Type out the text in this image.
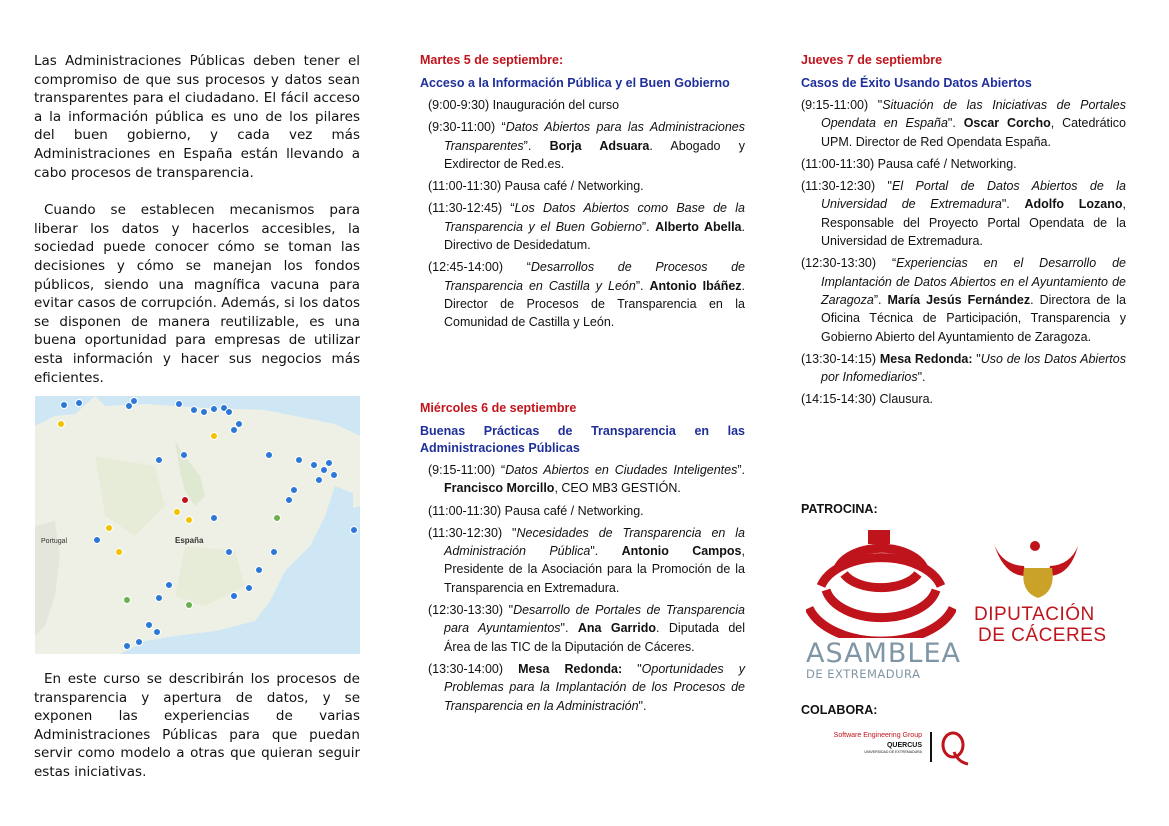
Las Administraciones Públicas deben tener el compromiso de que sus procesos y datos sean transparentes para el ciudadano. El fácil acceso a la información pública es uno de los pilares del buen gobierno, y cada vez más Administraciones en España están llevando a cabo procesos de transparencia.

Cuando se establecen mecanismos para liberar los datos y hacerlos accesibles, la sociedad puede conocer cómo se toman las decisiones y cómo se manejan los fondos públicos, siendo una magnífica vacuna para evitar casos de corrupción. Además, si los datos se disponen de manera reutilizable, es una buena oportunidad para empresas de utilizar esta información y hacer sus negocios más eficientes.

Portugal	España

En este curso se describirán los procesos de transparencia y apertura de datos, y se exponen las experiencias de varias Administraciones Públicas para que puedan servir como modelo a otras que quieran seguir estas iniciativas.

Martes 5 de septiembre:

Acceso a la Información Pública y el Buen Gobierno

(9:00-9:30) Inauguración del curso

(9:30-11:00) “Datos Abiertos para las Administraciones Transparentes”. Borja Adsuara. Abogado y Exdirector de Red.es.

(11:00-11:30) Pausa café / Networking.

(11:30-12:45) “Los Datos Abiertos como Base de la Transparencia y el Buen Gobierno”. Alberto Abella. Directivo de Desidedatum.

(12:45-14:00) “Desarrollos de Procesos de Transparencia en Castilla y León”. Antonio Ibáñez. Director de Procesos de Transparencia en la Comunidad de Castilla y León.

Miércoles 6 de septiembre

Buenas Prácticas de Transparencia en las Administraciones Públicas

(9:15-11:00) “Datos Abiertos en Ciudades Inteligentes”. Francisco Morcillo, CEO MB3 GESTIÓN.

(11:00-11:30) Pausa café / Networking.

(11:30-12:30) "Necesidades de Transparencia en la Administración Pública". Antonio Campos, Presidente de la Asociación para la Promoción de la Transparencia en Extremadura.

(12:30-13:30) "Desarrollo de Portales de Transparencia para Ayuntamientos". Ana Garrido. Diputada del Área de las TIC de la Diputación de Cáceres.

(13:30-14:00) Mesa Redonda: "Oportunidades y Problemas para la Implantación de los Procesos de Transparencia en la Administración".

Jueves 7 de septiembre

Casos de Éxito Usando Datos Abiertos

(9:15-11:00) "Situación de las Iniciativas de Portales Opendata en España". Oscar Corcho, Catedrático UPM. Director de Red Opendata España.

(11:00-11:30) Pausa café / Networking.

(11:30-12:30) "El Portal de Datos Abiertos de la Universidad de Extremadura". Adolfo Lozano, Responsable del Proyecto Portal Opendata de la Universidad de Extremadura.

(12:30-13:30) “Experiencias en el Desarrollo de Implantación de Datos Abiertos en el Ayuntamiento de Zaragoza”. María Jesús Fernández. Directora de la Oficina Técnica de Participación, Transparencia y Gobierno Abierto del Ayuntamiento de Zaragoza.

(13:30-14:15) Mesa Redonda: "Uso de los Datos Abiertos por Infomediarios".

(14:15-14:30) Clausura.

PATROCINA:
ASAMBLEA
DE EXTREMADURA
DIPUTACIÓN
DE CÁCERES
COLABORA:
Software Engineering Group
QUERCUS
UNIVERSIDAD DE EXTREMADURA
